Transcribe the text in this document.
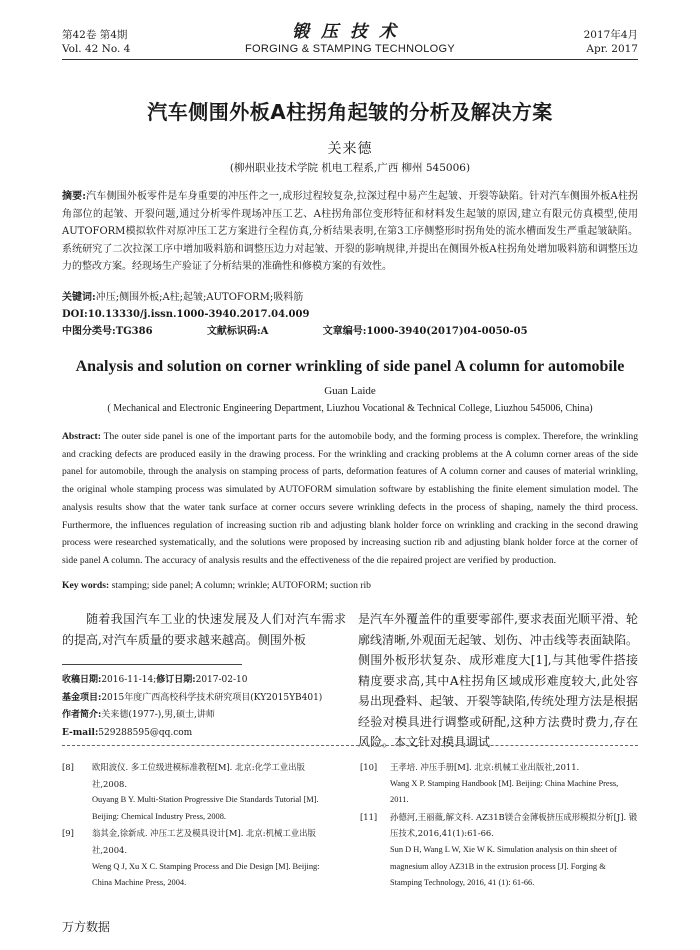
第42卷 第4期
Vol. 42 No. 4
锻压技术
FORGING & STAMPING TECHNOLOGY
2017年4月
Apr. 2017
汽车侧围外板A柱拐角起皱的分析及解决方案
关来德
(柳州职业技术学院 机电工程系,广西 柳州 545006)
摘要:汽车侧围外板零件是车身重要的冲压件之一,成形过程较复杂,拉深过程中易产生起皱、开裂等缺陷。针对汽车侧围外板A柱拐角部位的起皱、开裂问题,通过分析零件现场冲压工艺、A柱拐角部位变形特征和材料发生起皱的原因,建立有限元仿真模型,使用AUTOFORM模拟软件对原冲压工艺方案进行全程仿真,分析结果表明,在第3工序侧整形时拐角处的流水槽面发生严重起皱缺陷。系统研究了二次拉深工序中增加吸料筋和调整压边力对起皱、开裂的影响规律,并提出在侧围外板A柱拐角处增加吸料筋和调整压边力的整改方案。经现场生产验证了分析结果的准确性和修模方案的有效性。
关键词:冲压;侧围外板;A柱;起皱;AUTOFORM;吸料筋
DOI:10.13330/j.issn.1000-3940.2017.04.009
中图分类号:TG386	文献标识码:A	文章编号:1000-3940(2017)04-0050-05
Analysis and solution on corner wrinkling of side panel A column for automobile
Guan Laide
( Mechanical and Electronic Engineering Department, Liuzhou Vocational & Technical College, Liuzhou 545006, China)
Abstract: The outer side panel is one of the important parts for the automobile body, and the forming process is complex. Therefore, the wrinkling and cracking defects are produced easily in the drawing process. For the wrinkling and cracking problems at the A column corner areas of the side panel for automobile, through the analysis on stamping process of parts, deformation features of A column corner and causes of material wrinkling, the original whole stamping process was simulated by AUTOFORM simulation software by establishing the finite element simulation model. The analysis results show that the water tank surface at corner occurs severe wrinkling defects in the process of shaping, namely the third process. Furthermore, the influences regulation of increasing suction rib and adjusting blank holder force on wrinkling and cracking in the second drawing process were researched systematically, and the solutions were proposed by increasing suction rib and adjusting blank holder force at the corner of side panel A column. The accuracy of analysis results and the effectiveness of the die repaired project are verified by production.
Key words: stamping; side panel; A column; wrinkle; AUTOFORM; suction rib
随着我国汽车工业的快速发展及人们对汽车需求的提高,对汽车质量的要求越来越高。侧围外板
是汽车外覆盖件的重要零部件,要求表面光顺平滑、轮廓线清晰,外观面无起皱、划伤、冲击线等表面缺陷。侧围外板形状复杂、成形难度大[1],与其他零件搭接精度要求高,其中A柱拐角区域成形难度较大,此处容易出现叠料、起皱、开裂等缺陷,传统处理方法是根据经验对模具进行调整或研配,这种方法费时费力,存在风险。本文针对模具调试
收稿日期:2016-11-14;修订日期:2017-02-10
基金项目:2015年度广西高校科学技术研究项目(KY2015YB401)
作者简介:关来德(1977-),男,硕士,讲师
E-mail:529288595@qq.com
[8]	欧阳波仪. 多工位级进模标准教程[M]. 北京:化学工业出版社,2008.
Ouyang B Y. Multi-Station Progressive Die Standards Tutorial [M]. Beijing: Chemical Industry Press, 2008.
[9]	翁其金,徐新成. 冲压工艺及模具设计[M]. 北京:机械工业出版社,2004.
Weng Q J, Xu X C. Stamping Process and Die Design [M]. Beijing: China Machine Press, 2004.
[10]	王孝培. 冲压手册[M]. 北京:机械工业出版社,2011.
Wang X P. Stamping Handbook [M]. Beijing: China Machine Press, 2011.
[11]	孙德河,王丽薇,解文科. AZ31B镁合金薄板挤压成形模拟分析[J]. 锻压技术,2016,41(1):61-66.
Sun D H, Wang L W, Xie W K. Simulation analysis on thin sheet of magnesium alloy AZ31B in the extrusion process [J]. Forging & Stamping Technology, 2016, 41 (1): 61-66.
万方数据
